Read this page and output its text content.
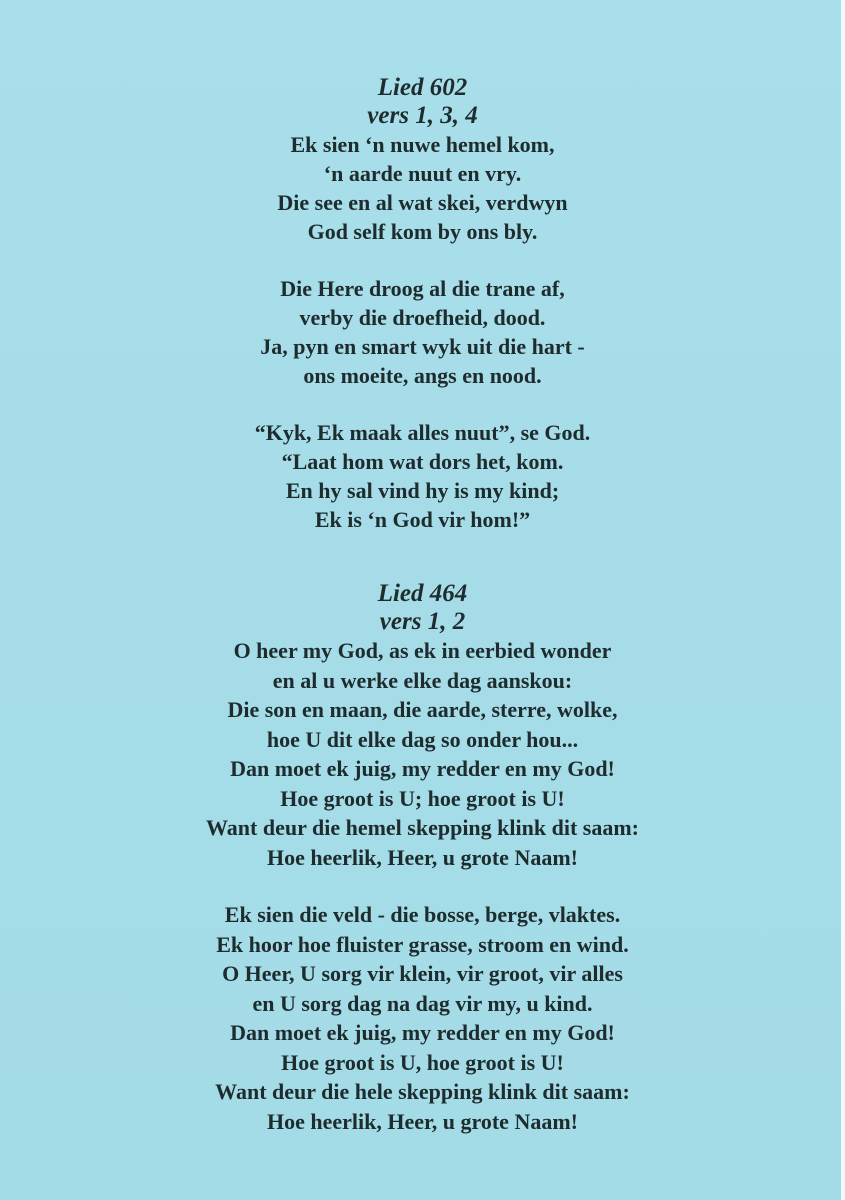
Lied 602

vers 1, 3, 4

Ek sien ‘n nuwe hemel kom,
‘n aarde nuut en vry.
Die see en al wat skei, verdwyn
God self kom by ons bly.
Die Here droog al die trane af,
verby die droefheid, dood.
Ja, pyn en smart wyk uit die hart -
ons moeite, angs en nood.
“Kyk, Ek maak alles nuut”, se God.
“Laat hom wat dors het, kom.
En hy sal vind hy is my kind;
Ek is ‘n God vir hom!”

Lied 464

vers 1, 2

O heer my God, as ek in eerbied wonder
en al u werke elke dag aanskou:
Die son en maan, die aarde, sterre, wolke,
hoe U dit elke dag so onder hou...
Dan moet ek juig, my redder en my God!
Hoe groot is U; hoe groot is U!
Want deur die hemel skepping klink dit saam:
Hoe heerlik, Heer, u grote Naam!
Ek sien die veld - die bosse, berge, vlaktes.
Ek hoor hoe fluister grasse, stroom en wind.
O Heer, U sorg vir klein, vir groot, vir alles
en U sorg dag na dag vir my, u kind.
Dan moet ek juig, my redder en my God!
Hoe groot is U, hoe groot is U!
Want deur die hele skepping klink dit saam:
Hoe heerlik, Heer, u grote Naam!
